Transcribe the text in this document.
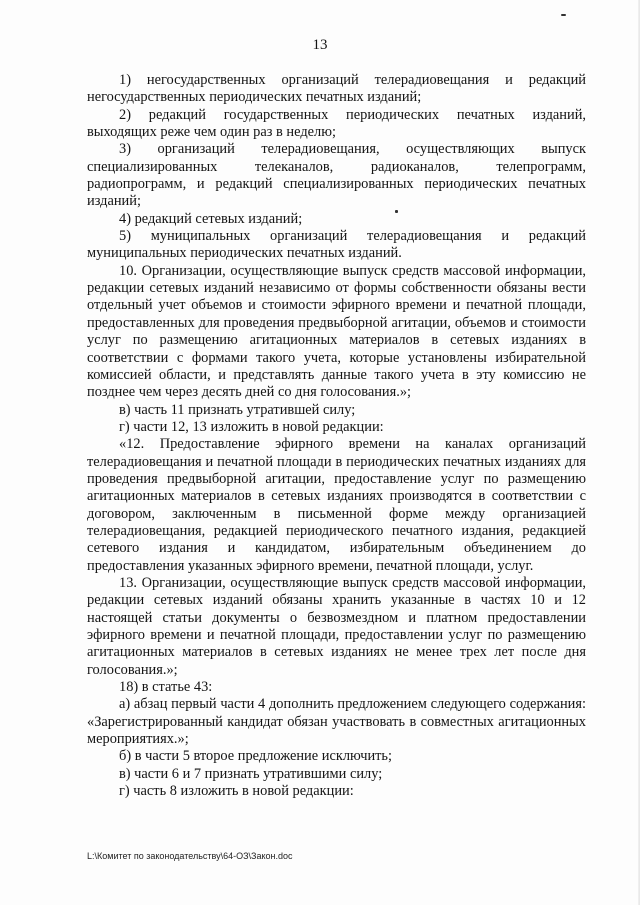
13

1) негосударственных организаций телерадиовещания и редакций негосударственных периодических печатных изданий;

2) редакций государственных периодических печатных изданий, выходящих реже чем один раз в неделю;

3) организаций телерадиовещания, осуществляющих выпуск специализированных телеканалов, радиоканалов, телепрограмм, радиопрограмм, и редакций специализированных периодических печатных изданий;

4) редакций сетевых изданий;

5) муниципальных организаций телерадиовещания и редакций муниципальных периодических печатных изданий.

10. Организации, осуществляющие выпуск средств массовой информации, редакции сетевых изданий независимо от формы собственности обязаны вести отдельный учет объемов и стоимости эфирного времени и печатной площади, предоставленных для проведения предвыборной агитации, объемов и стоимости услуг по размещению агитационных материалов в сетевых изданиях в соответствии с формами такого учета, которые установлены избирательной комиссией области, и представлять данные такого учета в эту комиссию не позднее чем через десять дней со дня голосования.»;

в) часть 11 признать утратившей силу;

г) части 12, 13 изложить в новой редакции:

«12. Предоставление эфирного времени на каналах организаций телерадиовещания и печатной площади в периодических печатных изданиях для проведения предвыборной агитации, предоставление услуг по размещению агитационных материалов в сетевых изданиях производятся в соответствии с договором, заключенным в письменной форме между организацией телерадиовещания, редакцией периодического печатного издания, редакцией сетевого издания и кандидатом, избирательным объединением до предоставления указанных эфирного времени, печатной площади, услуг.

13. Организации, осуществляющие выпуск средств массовой информации, редакции сетевых изданий обязаны хранить указанные в частях 10 и 12 настоящей статьи документы о безвозмездном и платном предоставлении эфирного времени и печатной площади, предоставлении услуг по размещению агитационных материалов в сетевых изданиях не менее трех лет после дня голосования.»;

18) в статье 43:

а) абзац первый части 4 дополнить предложением следующего содержания: «Зарегистрированный кандидат обязан участвовать в совместных агитационных мероприятиях.»;

б) в части 5 второе предложение исключить;

в) части 6 и 7 признать утратившими силу;

г) часть 8 изложить в новой редакции:

L:\Комитет по законодательству\64-ОЗ\Закон.doc
